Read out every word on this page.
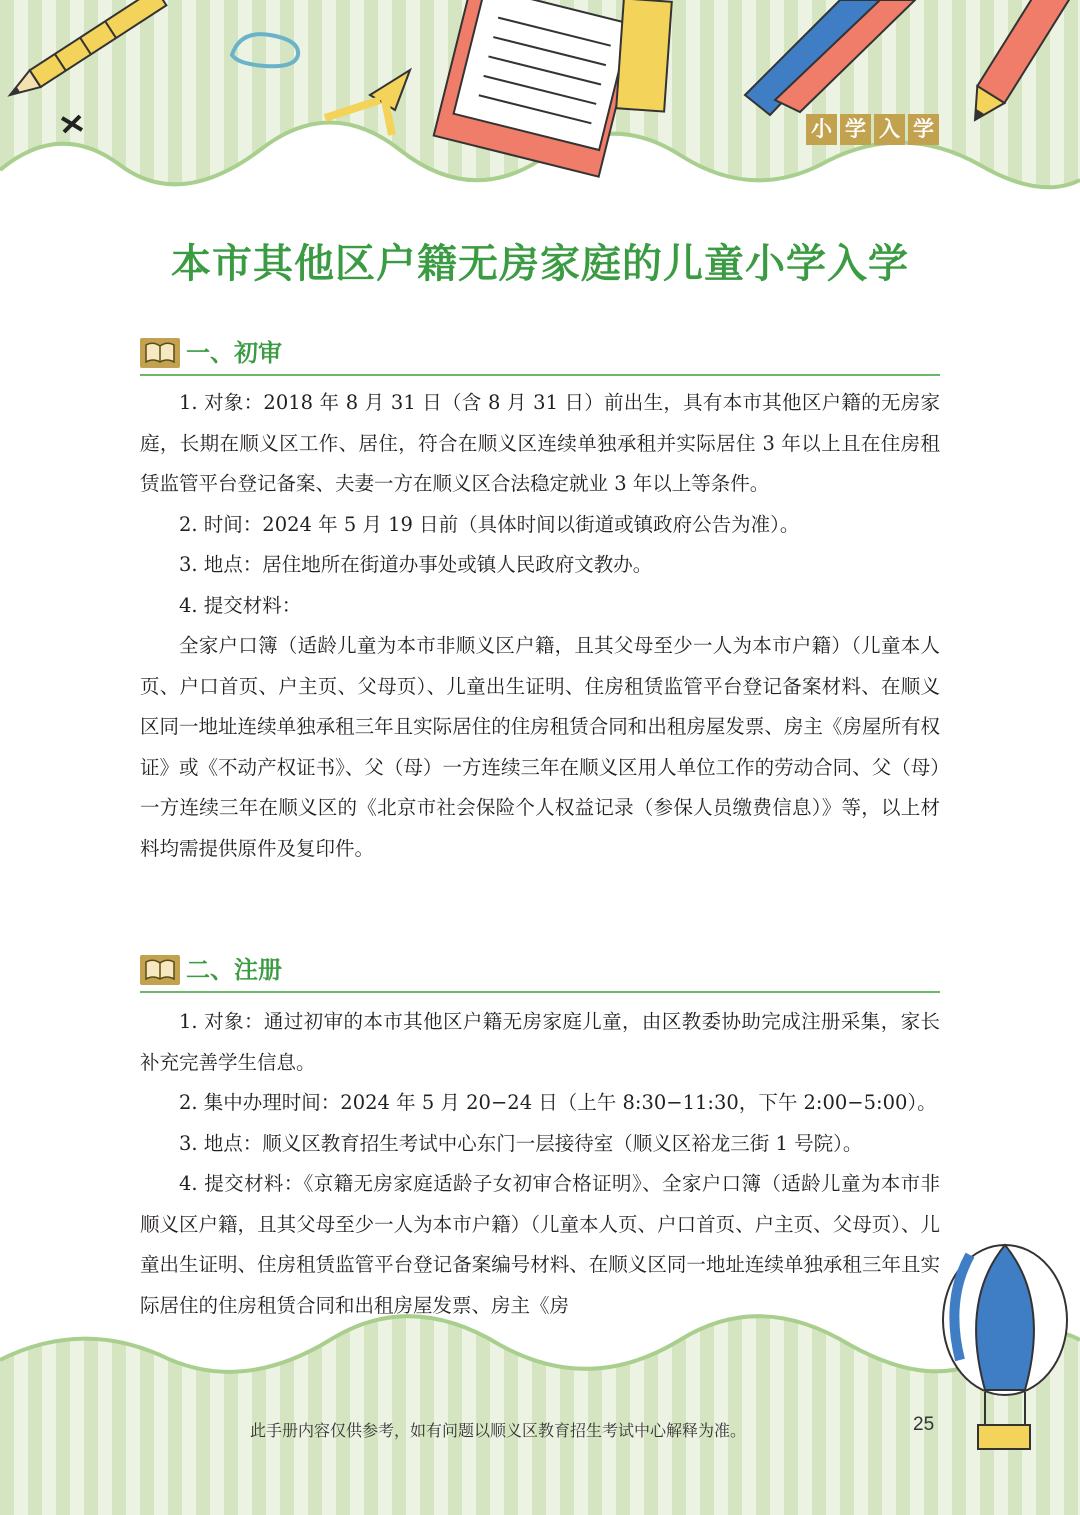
小 学 入 学
本市其他区户籍无房家庭的儿童小学入学
一、初审

1. 对象：2018 年 8 月 31 日（含 8 月 31 日）前出生，具有本市其他区户籍的无房家庭，长期在顺义区工作、居住，符合在顺义区连续单独承租并实际居住 3 年以上且在住房租赁监管平台登记备案、夫妻一方在顺义区合法稳定就业 3 年以上等条件。

2. 时间：2024 年 5 月 19 日前（具体时间以街道或镇政府公告为准）。

3. 地点：居住地所在街道办事处或镇人民政府文教办。

4. 提交材料：

全家户口簿（适龄儿童为本市非顺义区户籍，且其父母至少一人为本市户籍）（儿童本人页、户口首页、户主页、父母页）、儿童出生证明、住房租赁监管平台登记备案材料、在顺义区同一地址连续单独承租三年且实际居住的住房租赁合同和出租房屋发票、房主《房屋所有权证》或《不动产权证书》、父（母）一方连续三年在顺义区用人单位工作的劳动合同、父（母）一方连续三年在顺义区的《北京市社会保险个人权益记录（参保人员缴费信息）》等，以上材料均需提供原件及复印件。

二、注册

1. 对象：通过初审的本市其他区户籍无房家庭儿童，由区教委协助完成注册采集，家长补充完善学生信息。

2. 集中办理时间：2024 年 5 月 20−24 日（上午 8:30−11:30，下午 2:00−5:00）。

3. 地点：顺义区教育招生考试中心东门一层接待室（顺义区裕龙三街 1 号院）。

4. 提交材料：《京籍无房家庭适龄子女初审合格证明》、全家户口簿（适龄儿童为本市非顺义区户籍，且其父母至少一人为本市户籍）（儿童本人页、户口首页、户主页、父母页）、儿童出生证明、住房租赁监管平台登记备案编号材料、在顺义区同一地址连续单独承租三年且实际居住的住房租赁合同和出租房屋发票、房主《房

此手册内容仅供参考，如有问题以顺义区教育招生考试中心解释为准。	25
